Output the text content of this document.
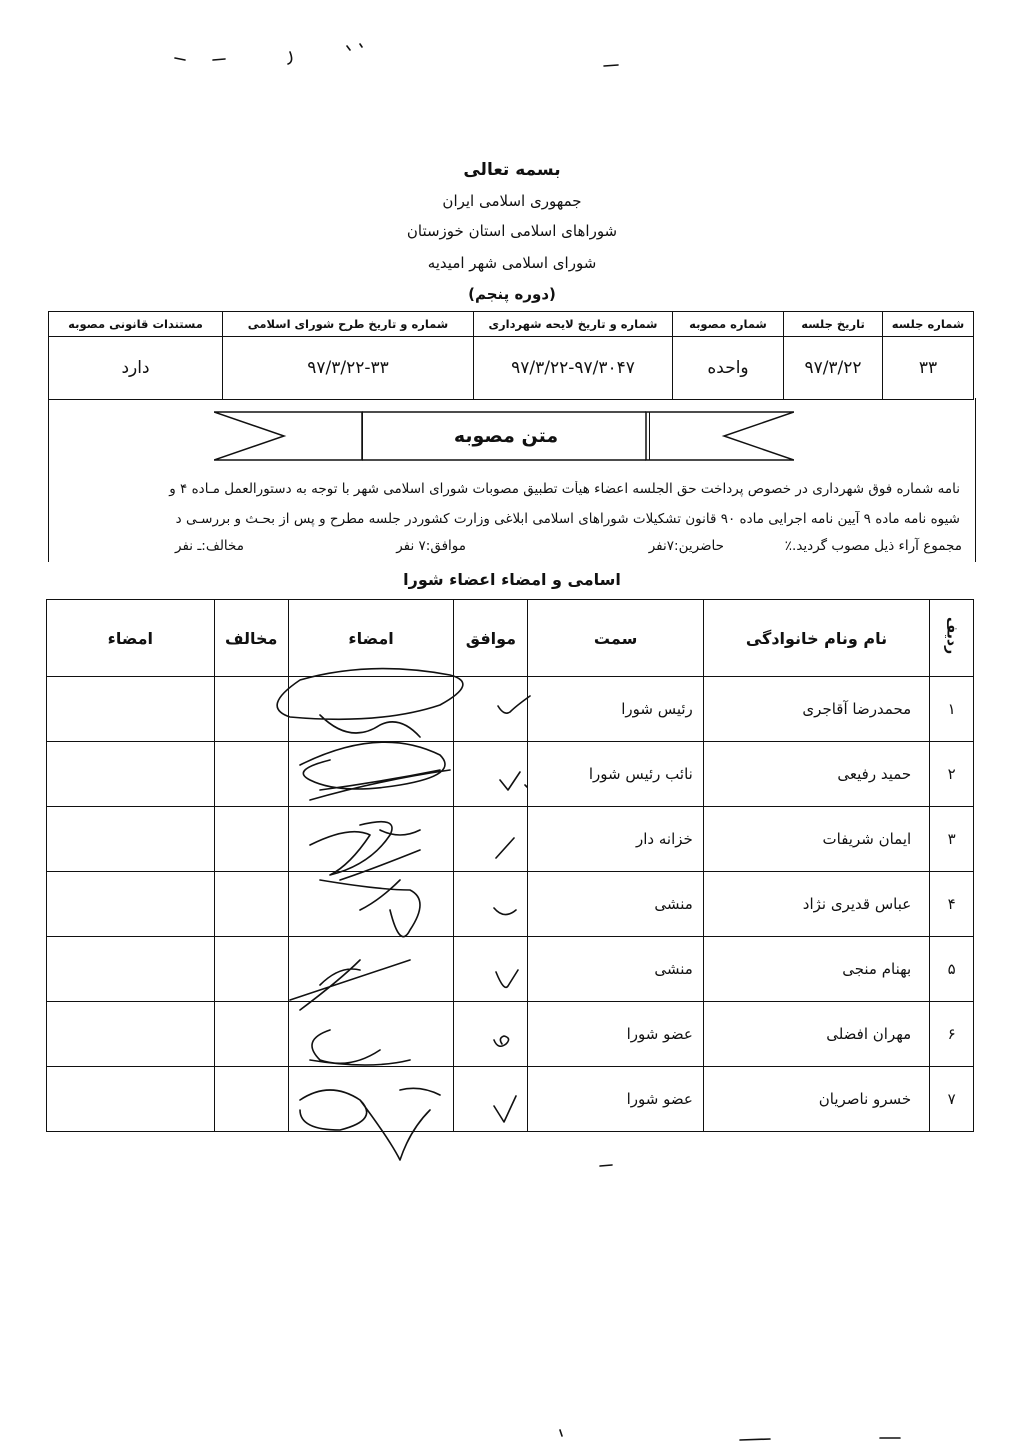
بسمه تعالی
جمهوری اسلامی ایران
شوراهای اسلامی استان خوزستان
شورای اسلامی شهر امیدیه
(دوره پنجم)
شماره جلسه	تاریخ جلسه	شماره مصوبه	شماره و تاریخ لایحه شهرداری	شماره و تاریخ طرح شورای اسلامی	مستندات قانونی مصوبه
۳۳	۹۷/۳/۲۲	واحده	۹۷/۳/۲۲-۹۷/۳۰۴۷	۹۷/۳/۲۲-۳۳	دارد
متن مصوبه
نامه شماره فوق شهرداری در خصوص پرداخت حق الجلسه اعضاء هیأت تطبیق مصوبات شورای اسلامی شهر با توجه به دستورالعمل مـاده ۴ و
شیوه نامه ماده ۹ آیین نامه اجرایی ماده ۹۰ قانون تشکیلات شوراهای اسلامی ابلاغی وزارت کشوردر جلسه مطرح و پس از بحـث و بررسـی د
مجموع آراء ذیل مصوب گردید.٪
حاضرین:۷نفر
موافق:۷ نفر
مخالف:ـ نفر
اسامی و امضاء اعضاء شورا
ردیف	نام ونام خانوادگی	سمت	موافق	امضاء	مخالف	امضاء
۱	محمدرضا آقاجری	رئیس شورا				
۲	حمید رفیعی	نائب رئیس شورا				
۳	ایمان شریفات	خزانه دار				
۴	عباس قدیری نژاد	منشی				
۵	بهنام منجی	منشی				
۶	مهران افضلی	عضو شورا				
۷	خسرو ناصریان	عضو شورا				
